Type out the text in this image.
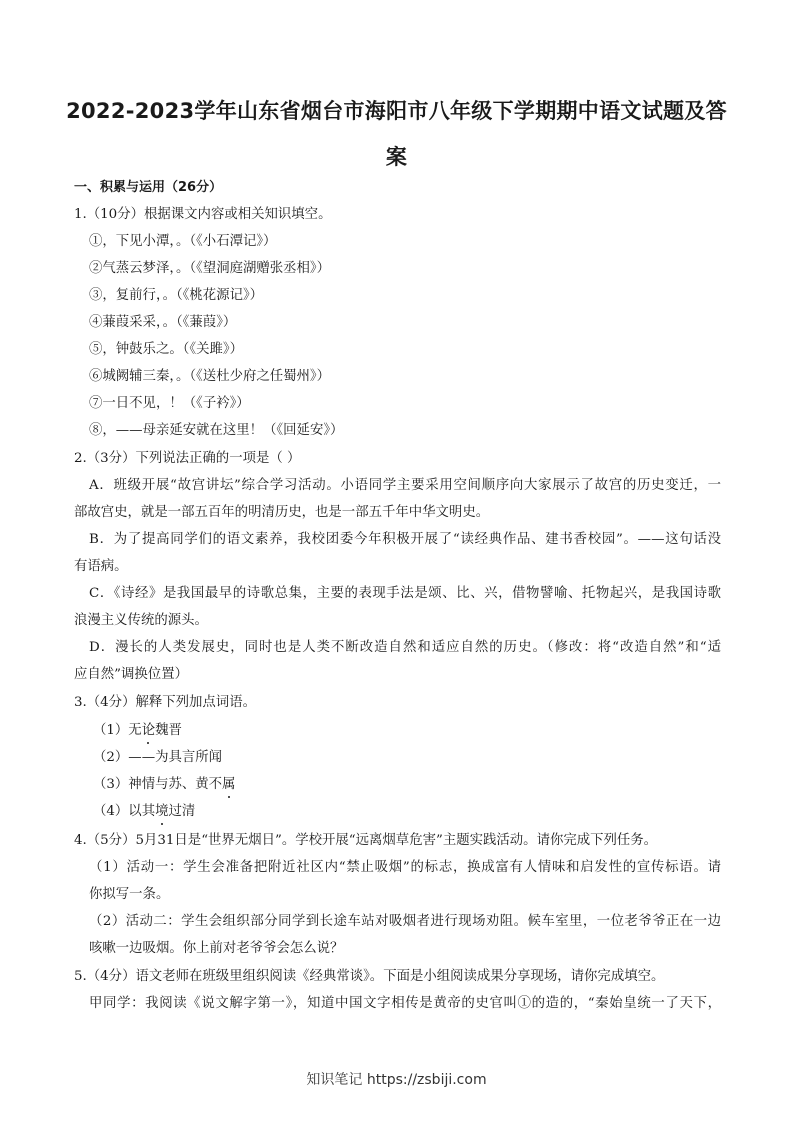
2022-2023学年山东省烟台市海阳市八年级下学期期中语文试题及答
案
一、积累与运用（26分）
1.（10分）根据课文内容或相关知识填空。
①，下见小潭，。（《小石潭记》）
②气蒸云梦泽，。（《望洞庭湖赠张丞相》）
③，复前行，。（《桃花源记》）
④蒹葭采采，。（《蒹葭》）
⑤，钟鼓乐之。（《关雎》）
⑥城阙辅三秦，。（《送杜少府之任蜀州》）
⑦一日不见，！（《子衿》）
⑧，——母亲延安就在这里！（《回延安》）
2.（3分）下列说法正确的一项是（ ）
A．班级开展“故宫讲坛”综合学习活动。小语同学主要采用空间顺序向大家展示了故宫的历史变迁，一
部故宫史，就是一部五百年的明清历史，也是一部五千年中华文明史。
B．为了提高同学们的语文素养，我校团委今年积极开展了“读经典作品、建书香校园”。——这句话没
有语病。
C．《诗经》是我国最早的诗歌总集，主要的表现手法是颂、比、兴，借物譬喻、托物起兴，是我国诗歌
浪漫主义传统的源头。
D．漫长的人类发展史，同时也是人类不断改造自然和适应自然的历史。（修改：将“改造自然”和“适
应自然”调换位置）
3.（4分）解释下列加点词语。
（1）无论魏晋
（2）——为具言所闻
（3）神情与苏、黄不属
（4）以其境过清
4.（5分）5月31日是“世界无烟日”。学校开展“远离烟草危害”主题实践活动。请你完成下列任务。
（1）活动一：学生会准备把附近社区内“禁止吸烟”的标志，换成富有人情味和启发性的宣传标语。请
你拟写一条。
（2）活动二：学生会组织部分同学到长途车站对吸烟者进行现场劝阻。候车室里，一位老爷爷正在一边
咳嗽一边吸烟。你上前对老爷爷会怎么说？
5.（4分）语文老师在班级里组织阅读《经典常谈》。下面是小组阅读成果分享现场，请你完成填空。
甲同学：我阅读《说文解字第一》，知道中国文字相传是黄帝的史官叫①的造的，“秦始皇统一了天下，
知识笔记 https://zsbiji.com
